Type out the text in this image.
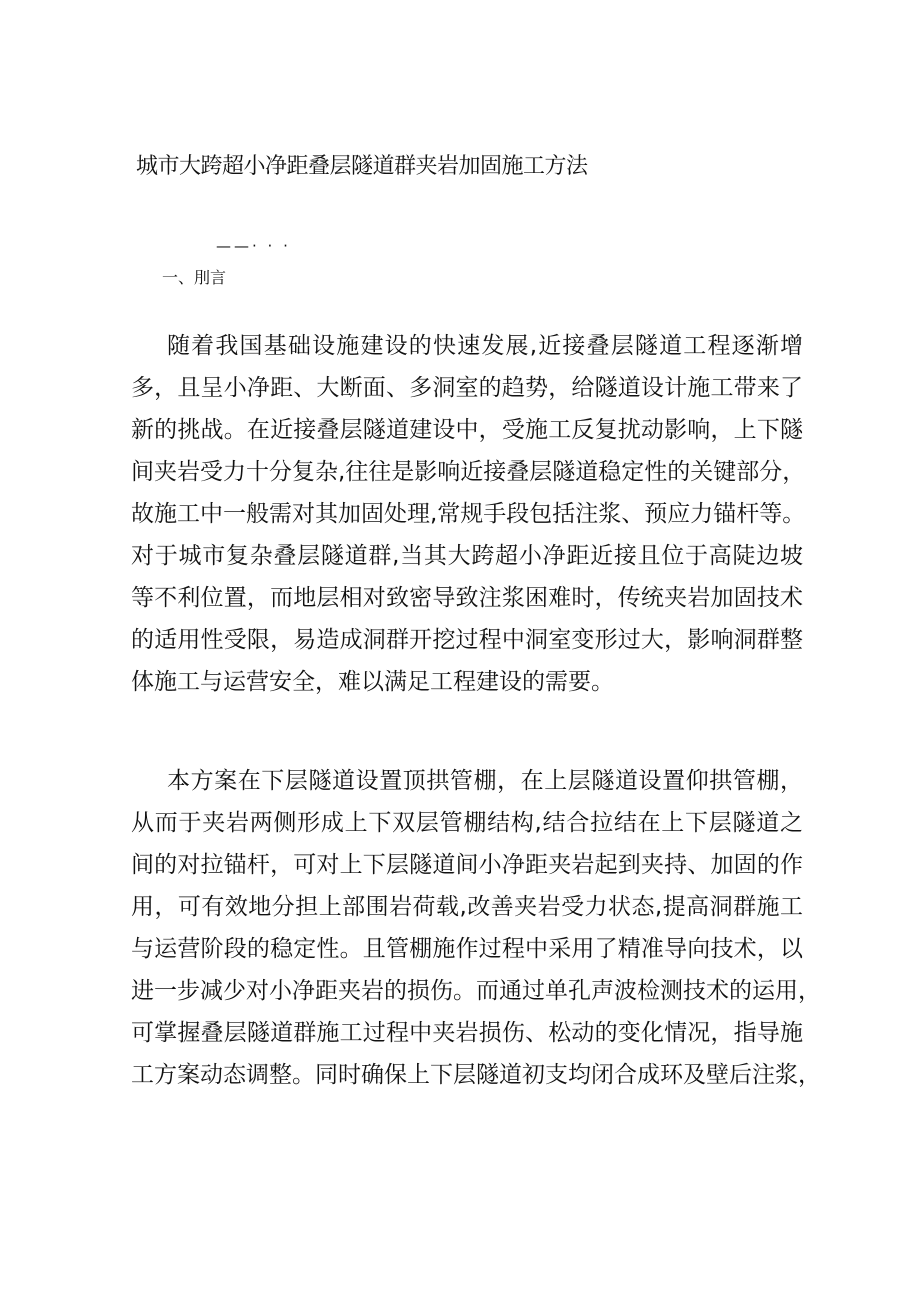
城市大跨超小净距叠层隧道群夹岩加固施工方法
——· · ·
一、刖言
随着我国基础设施建设的快速发展,近接叠层隧道工程逐渐增
多，且呈小净距、大断面、多洞室的趋势，给隧道设计施工带来了
新的挑战。在近接叠层隧道建设中，受施工反复扰动影响，上下隧
间夹岩受力十分复杂,往往是影响近接叠层隧道稳定性的关键部分，
故施工中一般需对其加固处理,常规手段包括注浆、预应力锚杆等。
对于城市复杂叠层隧道群,当其大跨超小净距近接且位于高陡边坡
等不利位置，而地层相对致密导致注浆困难时，传统夹岩加固技术
的适用性受限，易造成洞群开挖过程中洞室变形过大，影响洞群整
体施工与运营安全，难以满足工程建设的需要。
本方案在下层隧道设置顶拱管棚，在上层隧道设置仰拱管棚，
从而于夹岩两侧形成上下双层管棚结构,结合拉结在上下层隧道之
间的对拉锚杆，可对上下层隧道间小净距夹岩起到夹持、加固的作
用，可有效地分担上部围岩荷载,改善夹岩受力状态,提高洞群施工
与运营阶段的稳定性。且管棚施作过程中采用了精准导向技术，以
进一步减少对小净距夹岩的损伤。而通过单孔声波检测技术的运用，
可掌握叠层隧道群施工过程中夹岩损伤、松动的变化情况，指导施
工方案动态调整。同时确保上下层隧道初支均闭合成环及壁后注浆，
